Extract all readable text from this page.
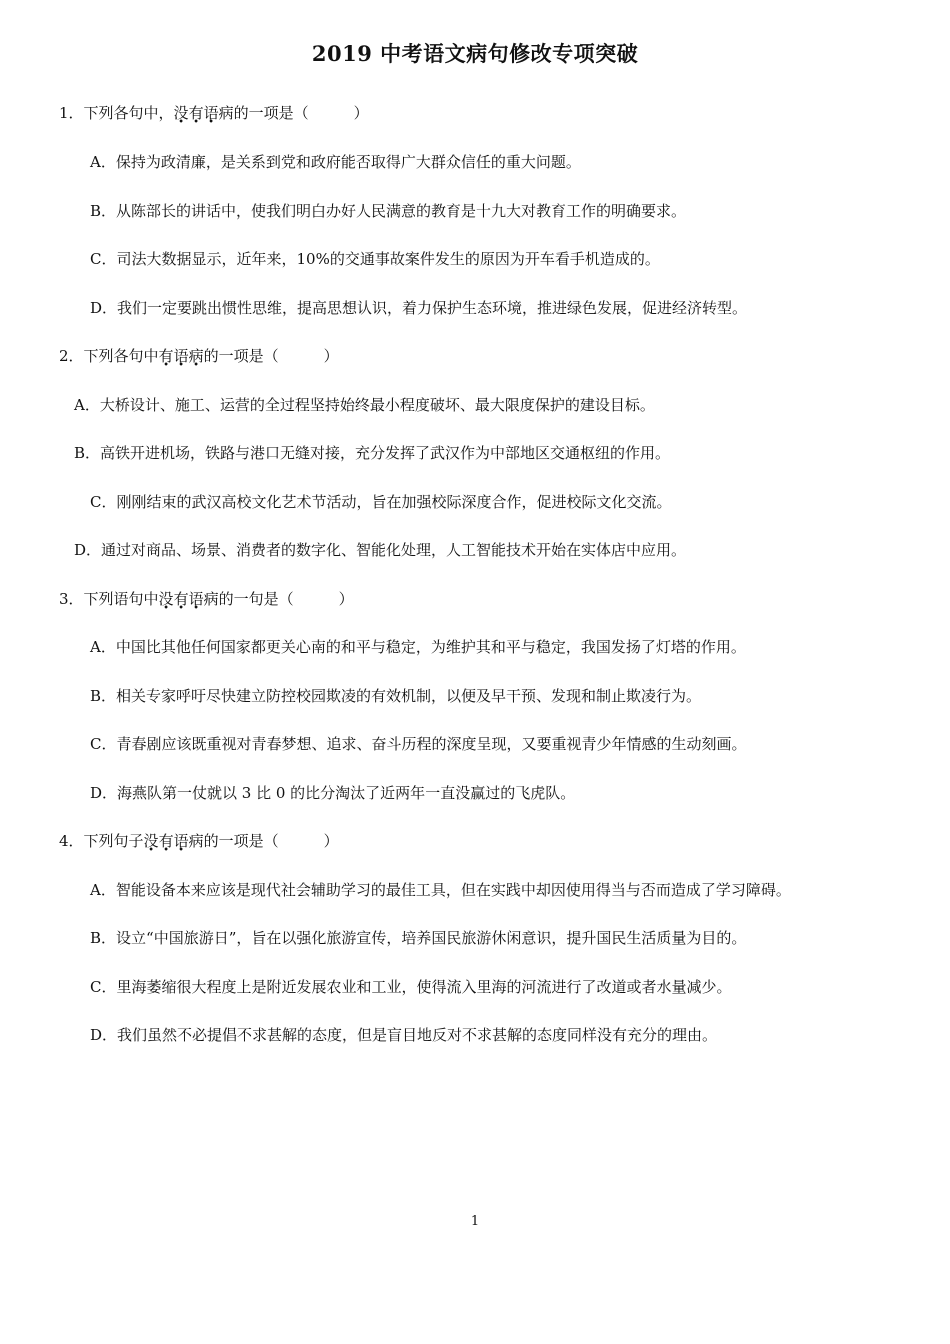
2019 中考语文病句修改专项突破
1．下列各句中，没有语病的一项是（　　　）
A．保持为政清廉，是关系到党和政府能否取得广大群众信任的重大问题。
B．从陈部长的讲话中，使我们明白办好人民满意的教育是十九大对教育工作的明确要求。
C．司法大数据显示，近年来，10%的交通事故案件发生的原因为开车看手机造成的。
D．我们一定要跳出惯性思维，提高思想认识，着力保护生态环境，推进绿色发展，促进经济转型。
2．下列各句中有语病的一项是（　　　）
A．大桥设计、施工、运营的全过程坚持始终最小程度破坏、最大限度保护的建设目标。
B．高铁开进机场，铁路与港口无缝对接，充分发挥了武汉作为中部地区交通枢纽的作用。
C．刚刚结束的武汉高校文化艺术节活动，旨在加强校际深度合作，促进校际文化交流。
D．通过对商品、场景、消费者的数字化、智能化处理，人工智能技术开始在实体店中应用。
3．下列语句中没有语病的一句是（　　　）
A．中国比其他任何国家都更关心南的和平与稳定，为维护其和平与稳定，我国发扬了灯塔的作用。
B．相关专家呼吁尽快建立防控校园欺凌的有效机制，以便及早干预、发现和制止欺凌行为。
C．青春剧应该既重视对青春梦想、追求、奋斗历程的深度呈现，又要重视青少年情感的生动刻画。
D．海燕队第一仗就以 3 比 0 的比分淘汰了近两年一直没赢过的飞虎队。
4．下列句子没有语病的一项是（　　　）
A．智能设备本来应该是现代社会辅助学习的最佳工具，但在实践中却因使用得当与否而造成了学习障碍。
B．设立“中国旅游日”，旨在以强化旅游宣传，培养国民旅游休闲意识，提升国民生活质量为目的。
C．里海萎缩很大程度上是附近发展农业和工业，使得流入里海的河流进行了改道或者水量减少。
D．我们虽然不必提倡不求甚解的态度，但是盲目地反对不求甚解的态度同样没有充分的理由。
1
